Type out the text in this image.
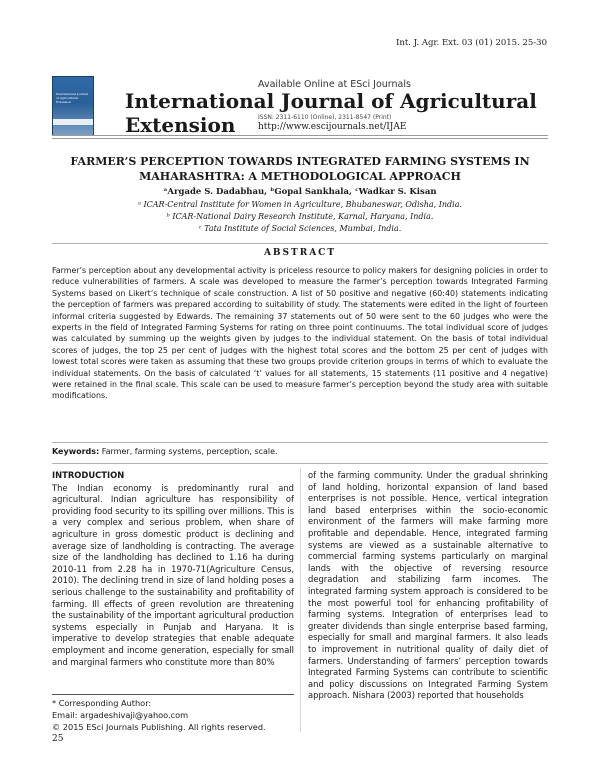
Int. J. Agr. Ext. 03 (01) 2015. 25-30
International Journal of Agricultural Extension
Available Online at ESci Journals
International Journal of Agricultural Extension	ISSN: 2311-6110 (Online), 2311-8547 (Print)
http://www.escijournals.net/IJAE
FARMER’S PERCEPTION TOWARDS INTEGRATED FARMING SYSTEMS IN MAHARASHTRA: A METHODOLOGICAL APPROACH
ᵃArgade S. Dadabhau, ᵇGopal Sankhala, ᶜWadkar S. Kisan
ᵃ ICAR-Central Institute for Women in Agriculture, Bhubaneswar, Odisha, India.
ᵇ ICAR-National Dairy Research Institute, Karnal, Haryana, India.
ᶜ Tata Institute of Social Sciences, Mumbai, India.
ABSTRACT
Farmer’s perception about any developmental activity is priceless resource to policy makers for designing policies in order to reduce vulnerabilities of farmers. A scale was developed to measure the farmer’s perception towards Integrated Farming Systems based on Likert’s technique of scale construction. A list of 50 positive and negative (60:40) statements indicating the perception of farmers was prepared according to suitability of study. The statements were edited in the light of fourteen informal criteria suggested by Edwards. The remaining 37 statements out of 50 were sent to the 60 judges who were the experts in the field of Integrated Farming Systems for rating on three point continuums. The total individual score of judges was calculated by summing up the weights given by judges to the individual statement. On the basis of total individual scores of judges, the top 25 per cent of judges with the highest total scores and the bottom 25 per cent of judges with lowest total scores were taken as assuming that these two groups provide criterion groups in terms of which to evaluate the individual statements. On the basis of calculated ‘t’ values for all statements, 15 statements (11 positive and 4 negative) were retained in the final scale. This scale can be used to measure farmer’s perception beyond the study area with suitable modifications.
Keywords: Farmer, farming systems, perception, scale.
INTRODUCTION
The Indian economy is predominantly rural and agricultural. Indian agriculture has responsibility of providing food security to its spilling over millions. This is a very complex and serious problem, when share of agriculture in gross domestic product is declining and average size of landholding is contracting. The average size of the landholding has declined to 1.16 ha during 2010-11 from 2.28 ha in 1970-71(Agriculture Census, 2010). The declining trend in size of land holding poses a serious challenge to the sustainability and profitability of farming. Ill effects of green revolution are threatening the sustainability of the important agricultural production systems especially in Punjab and Haryana. It is imperative to develop strategies that enable adequate employment and income generation, especially for small and marginal farmers who constitute more than 80%
of the farming community. Under the gradual shrinking of land holding, horizontal expansion of land based enterprises is not possible. Hence, vertical integration land based enterprises within the socio-economic environment of the farmers will make farming more profitable and dependable. Hence, integrated farming systems are viewed as a sustainable alternative to commercial farming systems particularly on marginal lands with the objective of reversing resource degradation and stabilizing farm incomes. The integrated farming system approach is considered to be the most powerful tool for enhancing profitability of farming systems. Integration of enterprises lead to greater dividends than single enterprise based farming, especially for small and marginal farmers. It also leads to improvement in nutritional quality of daily diet of farmers. Understanding of farmers’ perception towards Integrated Farming Systems can contribute to scientific and policy discussions on Integrated Farming System approach. Nishara (2003) reported that households
* Corresponding Author:
Email: argadeshivaji@yahoo.com
© 2015 ESci Journals Publishing. All rights reserved.
25
